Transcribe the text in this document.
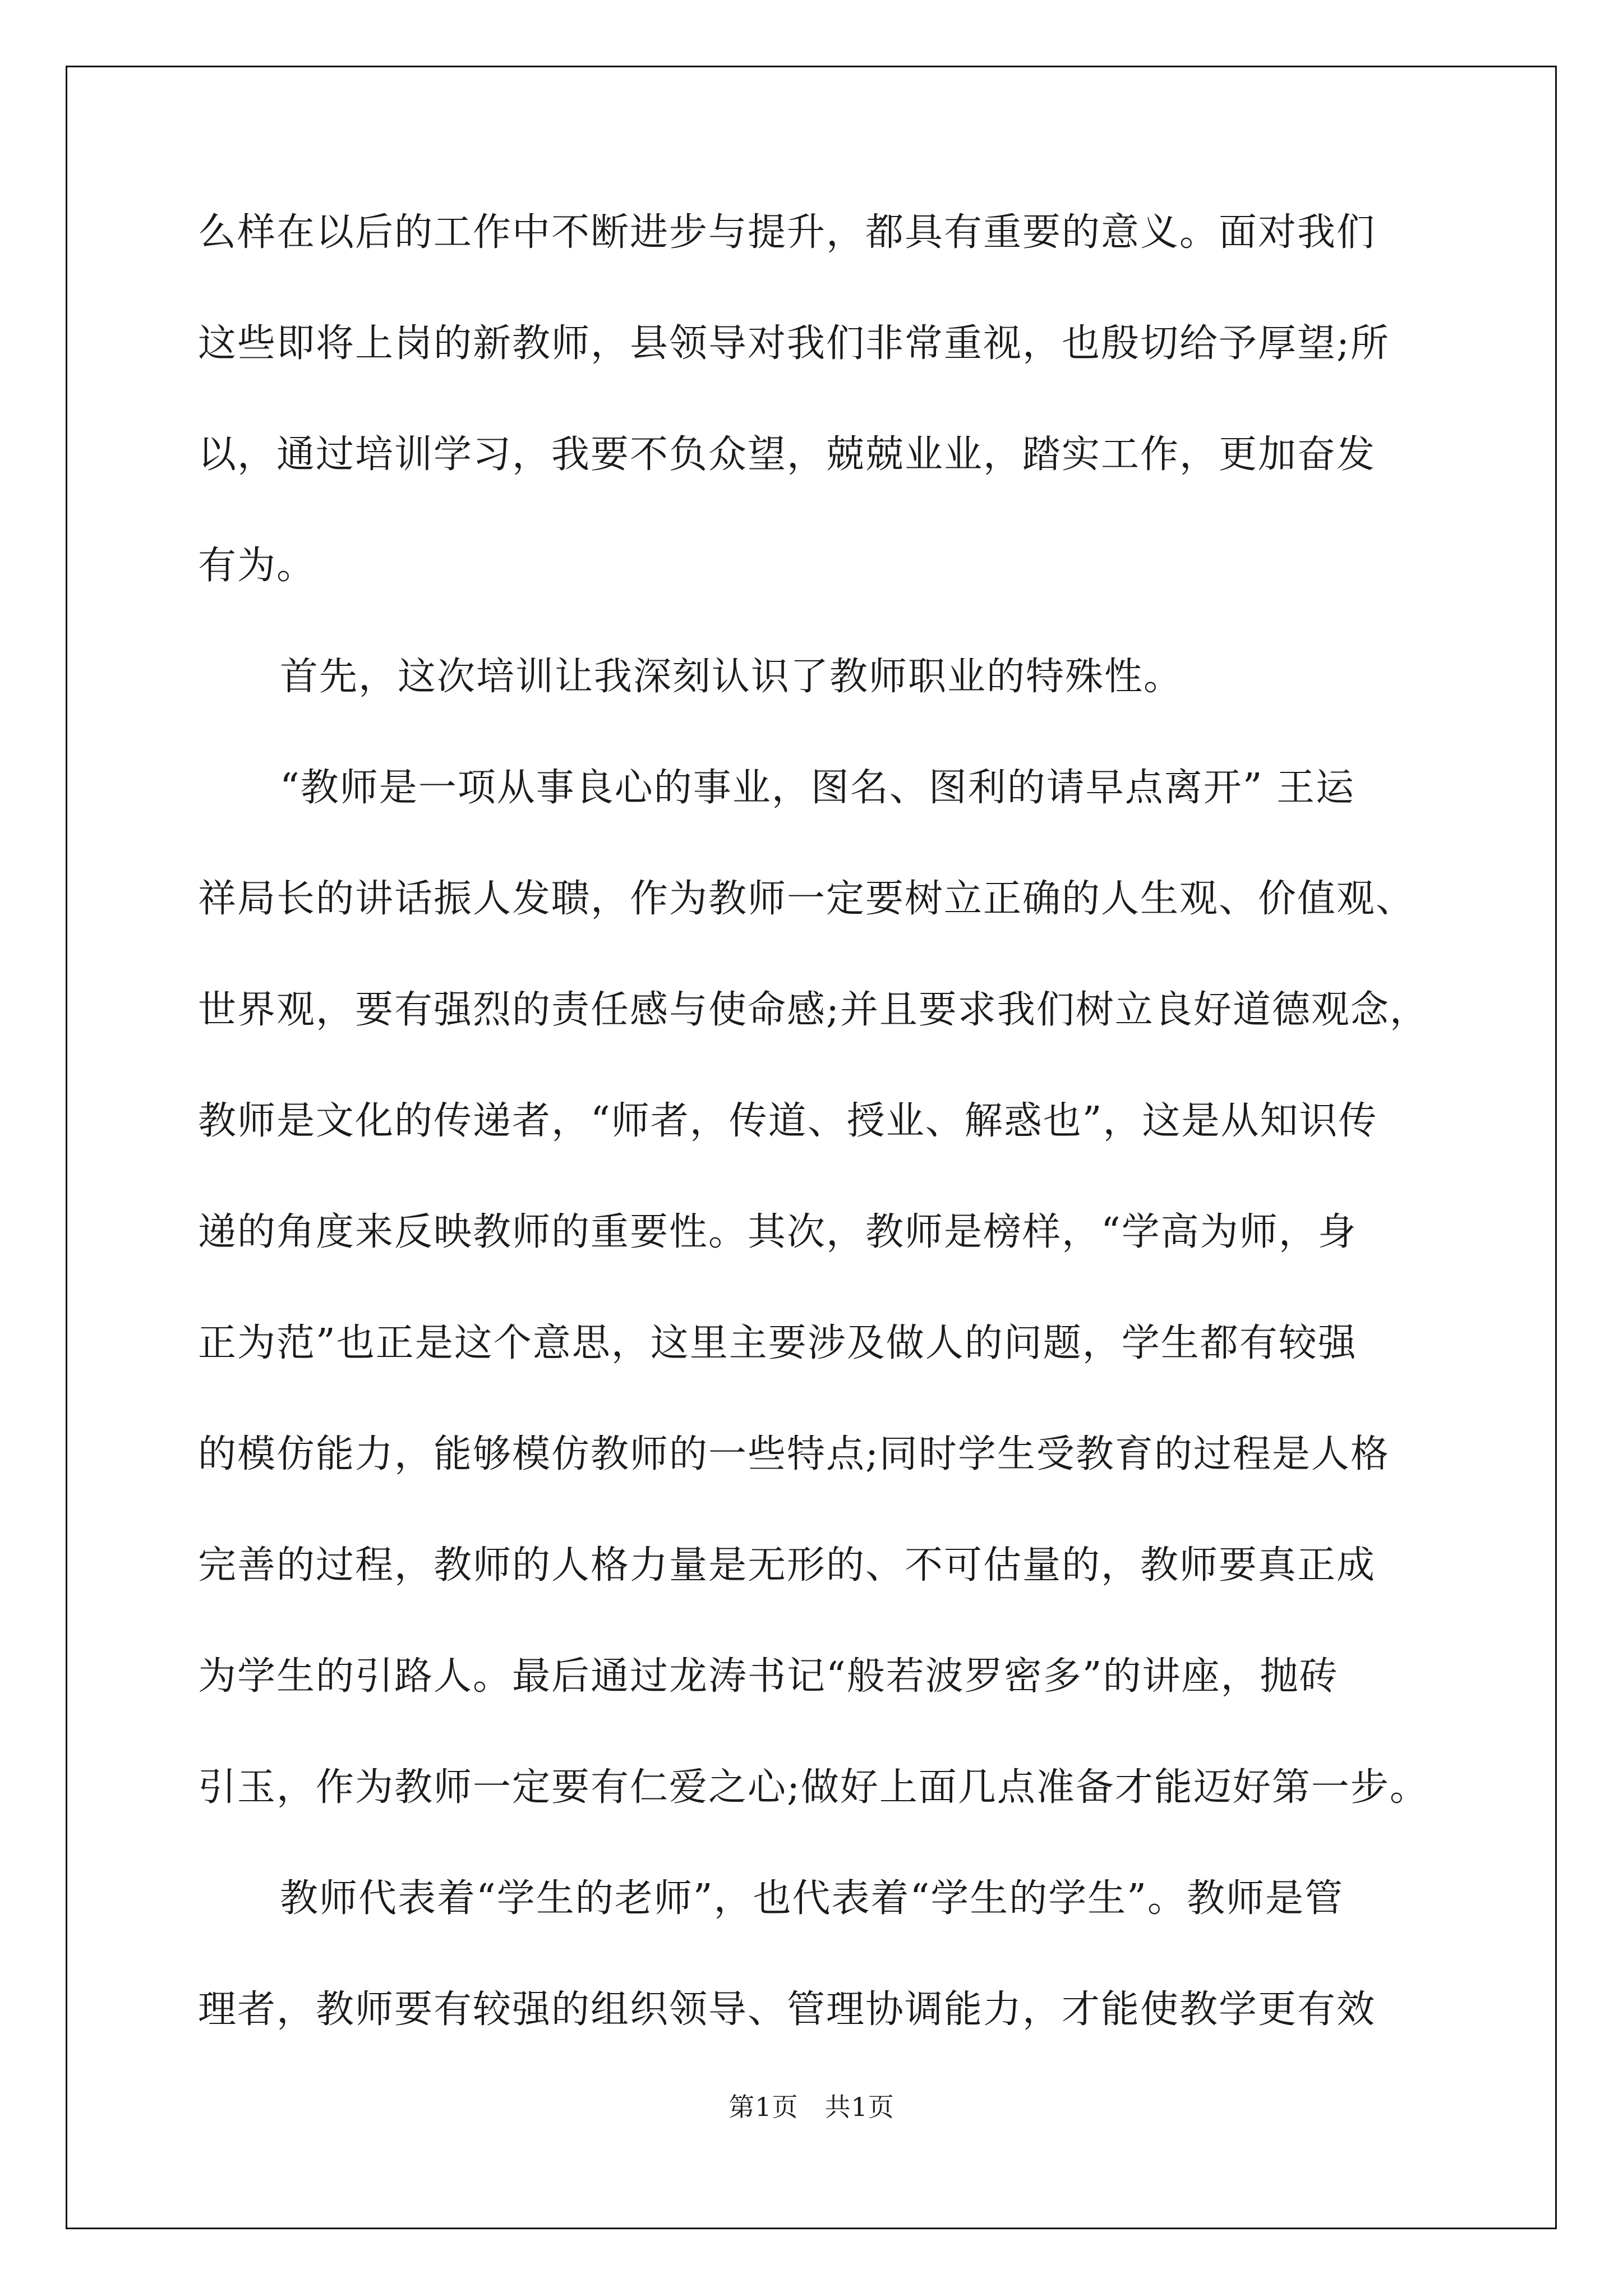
么样在以后的工作中不断进步与提升，都具有重要的意义。面对我们
这些即将上岗的新教师，县领导对我们非常重视，也殷切给予厚望;所
以，通过培训学习，我要不负众望，兢兢业业，踏实工作，更加奋发
有为。
首先，这次培训让我深刻认识了教师职业的特殊性。
“教师是一项从事良心的事业，图名、图利的请早点离开” 王运
祥局长的讲话振人发聩，作为教师一定要树立正确的人生观、价值观、
世界观，要有强烈的责任感与使命感;并且要求我们树立良好道德观念，
教师是文化的传递者，“师者，传道、授业、解惑也”，这是从知识传
递的角度来反映教师的重要性。其次，教师是榜样，“学高为师，身
正为范”也正是这个意思，这里主要涉及做人的问题，学生都有较强
的模仿能力，能够模仿教师的一些特点;同时学生受教育的过程是人格
完善的过程，教师的人格力量是无形的、不可估量的，教师要真正成
为学生的引路人。最后通过龙涛书记“般若波罗密多”的讲座，抛砖
引玉，作为教师一定要有仁爱之心;做好上面几点准备才能迈好第一步。
教师代表着“学生的老师”，也代表着“学生的学生”。教师是管
理者，教师要有较强的组织领导、管理协调能力，才能使教学更有效
第1页　共1页
